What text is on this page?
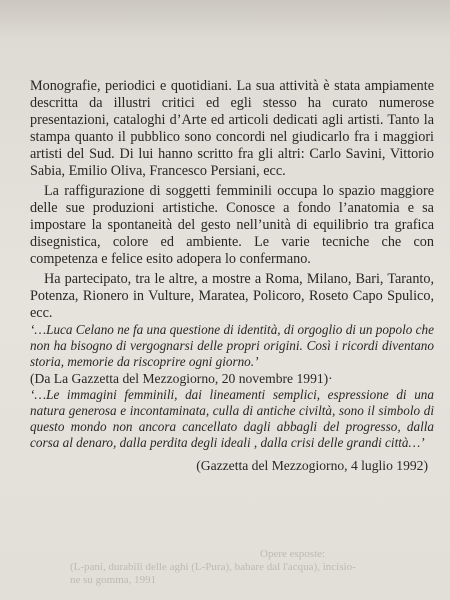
Monografie, periodici e quotidiani. La sua attività è stata ampiamente descritta da illustri critici ed egli stesso ha curato numerose presentazioni, cataloghi d’Arte ed articoli dedicati agli artisti. Tanto la stampa quanto il pubblico sono concordi nel giudicarlo fra i maggiori artisti del Sud. Di lui hanno scritto fra gli altri: Carlo Savini, Vittorio Sabia, Emilio Oliva, Francesco Persiani, ecc.

La raffigurazione di soggetti femminili occupa lo spazio maggiore delle sue produzioni artistiche. Conosce a fondo l’anatomia e sa impostare la spontaneità del gesto nell’unità di equilibrio tra grafica disegnistica, colore ed ambiente. Le varie tecniche che con competenza e felice esito adopera lo confermano.

Ha partecipato, tra le altre, a mostre a Roma, Milano, Bari, Taranto, Potenza, Rionero in Vulture, Maratea, Policoro, Roseto Capo Spulico, ecc.

‘…Luca Celano ne fa una questione di identità, di orgoglio di un popolo che non ha bisogno di vergognarsi delle propri origini. Così i ricordi diventano storia, memorie da riscoprire ogni giorno.’

(Da La Gazzetta del Mezzogiorno, 20 novembre 1991)·

‘…Le immagini femminili, dai lineamenti semplici, espressione di una natura generosa e incontaminata, culla di antiche civiltà, sono il simbolo di questo mondo non ancora cancellato dagli abbagli del progresso, dalla corsa al denaro, dalla perdita degli ideali , dalla crisi delle grandi città…’

(Gazzetta del Mezzogiorno, 4 luglio 1992)

Opere esposte:
(L-pani, durabili delle aghi (L-Pura), babare dal l'acqua), incisio-
ne su gomma, 1991
